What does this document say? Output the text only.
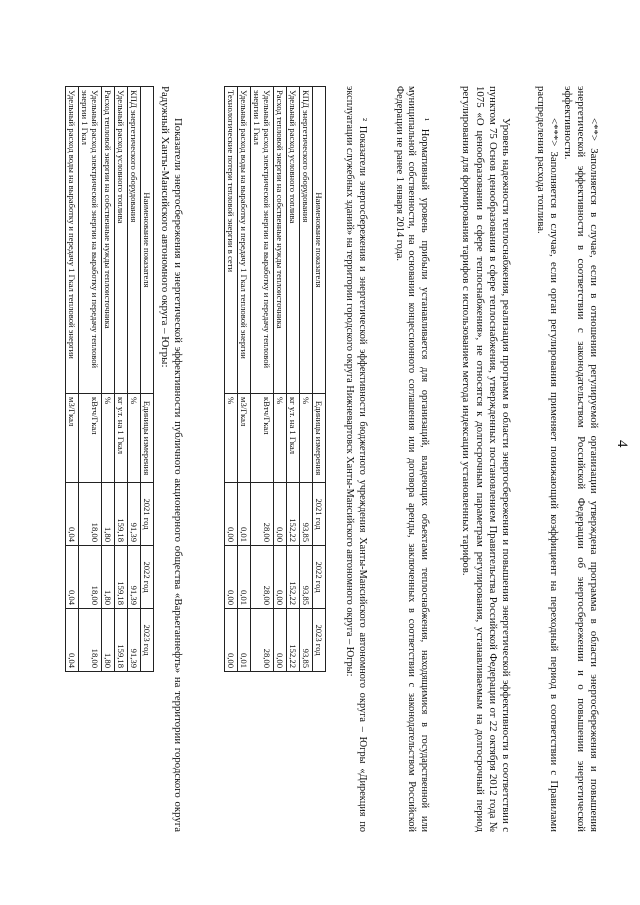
4

<**> Заполняется в случае, если в отношении регулируемой организации утверждена программа в области энергосбережения и повышения энергетической эффективности в соответствии с законодательством Российской Федерации об энергосбережении и о повышении энергетической эффективности.

<***> Заполняется в случае, если орган регулирования применяет понижающий коэффициент на переходный период в соответствии с Правилами распределения расхода топлива.

Уровень надежности теплоснабжения, реализация программ в области энергосбережения и повышения энергетической эффективности в соответствии с пунктом 75 Основ ценообразования в сфере теплоснабжения, утвержденных постановлением Правительства Российской Федерации от 22 октября 2012 года № 1075 «О ценообразовании в сфере теплоснабжения», не относятся к долгосрочным параметрам регулирования, устанавливаемым на долгосрочный период регулирования для формирования тарифов с использованием метода индексации установленных тарифов.

¹ Нормативный уровень прибыли устанавливается для организаций, владеющих объектами теплоснабжения, находящимися в государственной или муниципальной собственности, на основании концессионного соглашения или договора аренды, заключенных в соответствии с законодательством Российской Федерации не ранее 1 января 2014 года.

² Показатели энергосбережения и энергетической эффективности бюджетного учреждения Ханты-Мансийского автономного округа – Югры «Дирекция по эксплуатации служебных зданий» на территории городского округа Нижневартовск Ханты-Мансийского автономного округа – Югры:

Наименование показателя	Единицы измерения	2021 год	2022 год	2023 год
КПД энергетического оборудования	%	93,85	93,85	93,85
Удельный расход условного топлива	кг у.т. на 1 Гкал	152,22	152,22	152,22
Расход тепловой энергии на собственные нужды теплоисточника	%	0,00	0,00	0,00
Удельный расход электрической энергии на выработку и передачу тепловой энергии 1 Гкал	кВтч/Гкал	28,00	28,00	28,00
Удельный расход воды на выработку и передачу 1 Гкал тепловой энергии	м3/Гкал	0,01	0,01	0,01
Технологические потери тепловой энергии в сети	%	0,00	0,00	0,00

Показатели энергосбережения и энергетической эффективности публичного акционерного общества «Варьеганнефть» на территории городского округа Радужный Ханты-Мансийского автономного округа – Югры:

Наименование показателя	Единицы измерения	2021 год	2022 год	2023 год
КПД энергетического оборудования	%	91,39	91,39	91,39
Удельный расход условного топлива	кг у.т. на 1 Гкал	159,18	159,18	159,18
Расход тепловой энергии на собственные нужды теплоисточника	%	1,80	1,80	1,80
Удельный расход электрической энергии на выработку и передачу тепловой энергии 1 Гкал	кВтч/Гкал	18,00	18,00	18,00
Удельный расход воды на выработку и передачу 1 Гкал тепловой энергии	м3/Гкал	0,04	0,04	0,04
